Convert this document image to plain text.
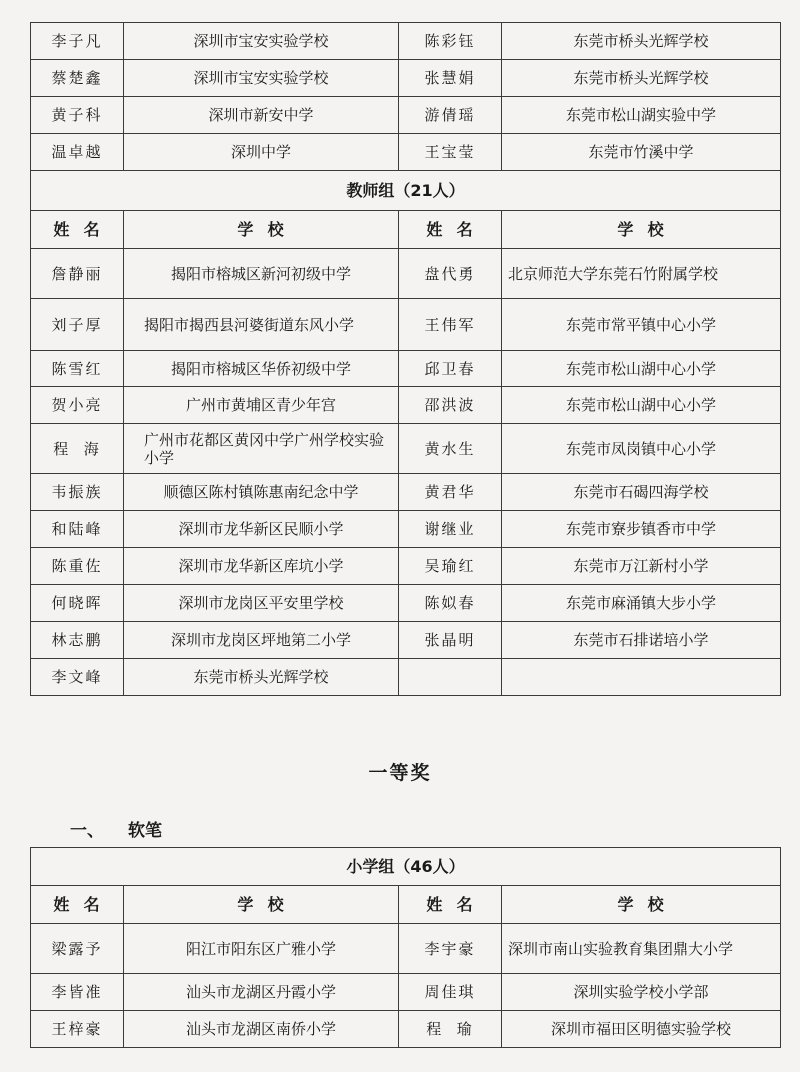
李子凡	深圳市宝安实验学校	陈彩钰	东莞市桥头光辉学校
蔡楚鑫	深圳市宝安实验学校	张慧娟	东莞市桥头光辉学校
黄子科	深圳市新安中学	游倩瑶	东莞市松山湖实验中学
温卓越	深圳中学	王宝莹	东莞市竹溪中学
教师组（21人）			
姓  名	学  校	姓  名	学  校
詹静丽	揭阳市榕城区新河初级中学	盘代勇	北京师范大学东莞石竹附属学校
刘子厚	揭阳市揭西县河婆街道东风小学	王伟军	东莞市常平镇中心小学
陈雪红	揭阳市榕城区华侨初级中学	邱卫春	东莞市松山湖中心小学
贺小亮	广州市黄埔区青少年宫	邵洪波	东莞市松山湖中心小学
程  海	广州市花都区黄冈中学广州学校实验小学	黄水生	东莞市凤岗镇中心小学
韦振族	顺德区陈村镇陈惠南纪念中学	黄君华	东莞市石碣四海学校
和陆峰	深圳市龙华新区民顺小学	谢继业	东莞市寮步镇香市中学
陈重佐	深圳市龙华新区库坑小学	吴瑜红	东莞市万江新村小学
何晓晖	深圳市龙岗区平安里学校	陈姒春	东莞市麻涌镇大步小学
林志鹏	深圳市龙岗区坪地第二小学	张晶明	东莞市石排诺培小学
李文峰	东莞市桥头光辉学校		
一等奖
一、 软笔
小学组（46人）			
姓  名	学  校	姓  名	学  校
梁露予	阳江市阳东区广雅小学	李宇豪	深圳市南山实验教育集团鼎大小学
李皆准	汕头市龙湖区丹霞小学	周佳琪	深圳实验学校小学部
王梓豪	汕头市龙湖区南侨小学	程  瑜	深圳市福田区明德实验学校
